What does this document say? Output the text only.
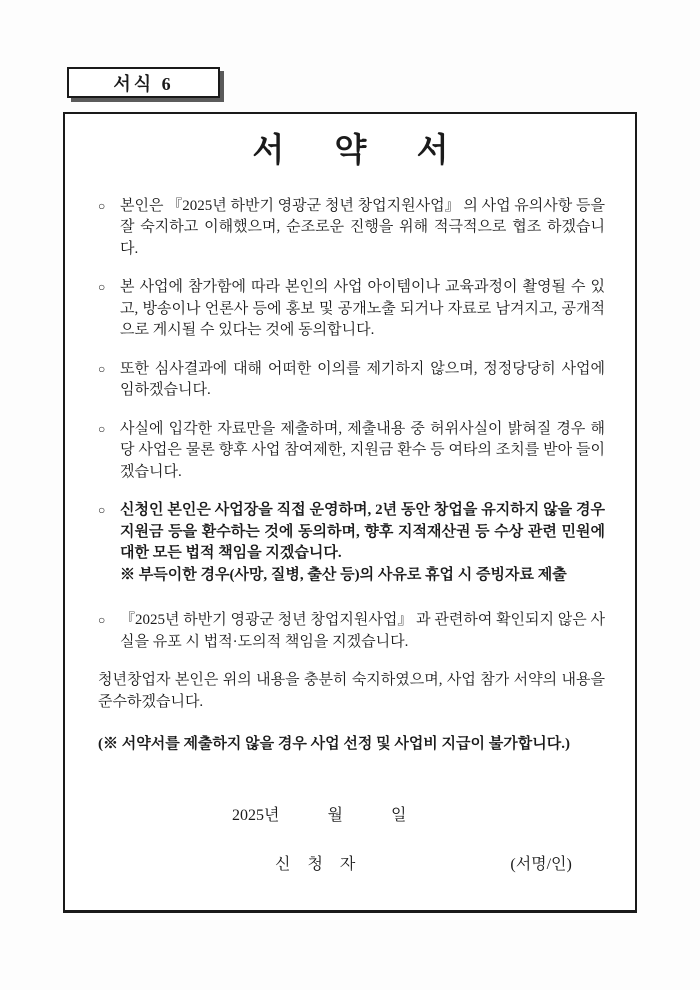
서식 6
서 약 서
○ 본인은 『2025년 하반기 영광군 청년 창업지원사업』 의 사업 유의사항 등을 잘 숙지하고 이해했으며, 순조로운 진행을 위해 적극적으로 협조 하겠습니다.
○ 본 사업에 참가함에 따라 본인의 사업 아이템이나 교육과정이 촬영될 수 있고, 방송이나 언론사 등에 홍보 및 공개노출 되거나 자료로 남겨지고, 공개적으로 게시될 수 있다는 것에 동의합니다.
○ 또한 심사결과에 대해 어떠한 이의를 제기하지 않으며, 정정당당히 사업에 임하겠습니다.
○ 사실에 입각한 자료만을 제출하며, 제출내용 중 허위사실이 밝혀질 경우 해당 사업은 물론 향후 사업 참여제한, 지원금 환수 등 여타의 조치를 받아 들이겠습니다.
○ 신청인 본인은 사업장을 직접 운영하며, 2년 동안 창업을 유지하지 않을 경우 지원금 등을 환수하는 것에 동의하며, 향후 지적재산권 등 수상 관련 민원에 대한 모든 법적 책임을 지겠습니다.
※ 부득이한 경우(사망, 질병, 출산 등)의 사유로 휴업 시 증빙자료 제출
○ 『2025년 하반기 영광군 청년 창업지원사업』 과 관련하여 확인되지 않은 사실을 유포 시 법적·도의적 책임을 지겠습니다.

청년창업자 본인은 위의 내용을 충분히 숙지하였으며, 사업 참가 서약의 내용을 준수하겠습니다.

(※ 서약서를 제출하지 않을 경우 사업 선정 및 사업비 지급이 불가합니다.)

2025년	월	일
신 청 자	(서명/인)
